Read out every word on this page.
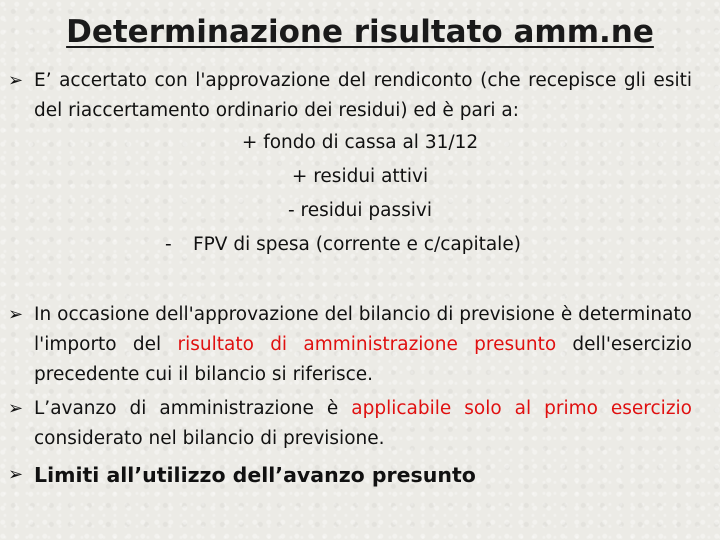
Determinazione risultato amm.ne
➢ E’ accertato con l'approvazione del rendiconto (che recepisce gli esiti del riaccertamento ordinario dei residui) ed è pari a:
+ fondo di cassa al 31/12
+ residui attivi
- residui passivi
- FPV di spesa (corrente e c/capitale)
➢ In occasione dell'approvazione del bilancio di previsione è determinato l'importo del risultato di amministrazione presunto dell'esercizio precedente cui il bilancio si riferisce.
➢ L’avanzo di amministrazione è applicabile solo al primo esercizio considerato nel bilancio di previsione.
➢ Limiti all’utilizzo dell’avanzo presunto
